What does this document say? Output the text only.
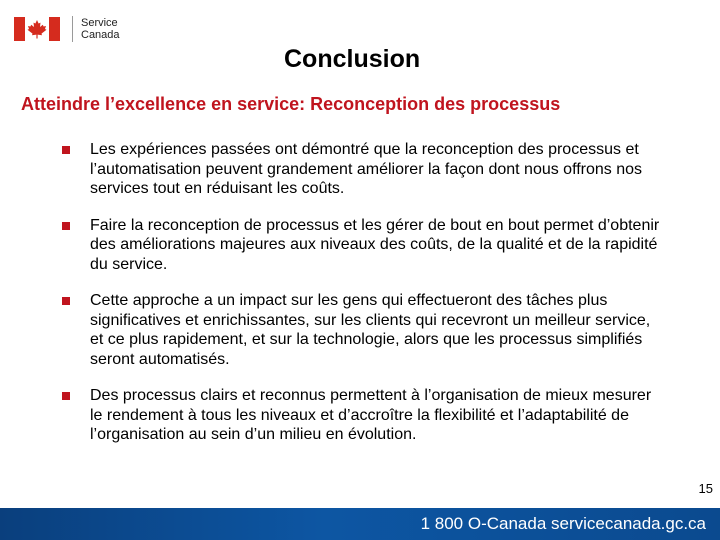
Service
Canada
Conclusion
Atteindre l’excellence en service: Reconception des processus
Les expériences passées ont démontré que la reconception des processus et l’automatisation peuvent grandement améliorer la façon dont nous offrons nos services tout en réduisant les coûts.
Faire la reconception de processus et les gérer de bout en bout permet d’obtenir des améliorations majeures aux niveaux des coûts, de la qualité et de la rapidité du service.
Cette approche a un impact sur les gens qui effectueront des tâches plus significatives et enrichissantes, sur les clients qui recevront un meilleur service, et ce plus rapidement, et sur la technologie, alors que les processus simplifiés seront automatisés.
Des processus clairs et reconnus permettent à l’organisation de mieux mesurer le rendement à tous les niveaux et d’accroître la flexibilité et l’adaptabilité de l’organisation au sein d’un milieu en évolution.
15
1 800 O-Canada servicecanada.gc.ca
